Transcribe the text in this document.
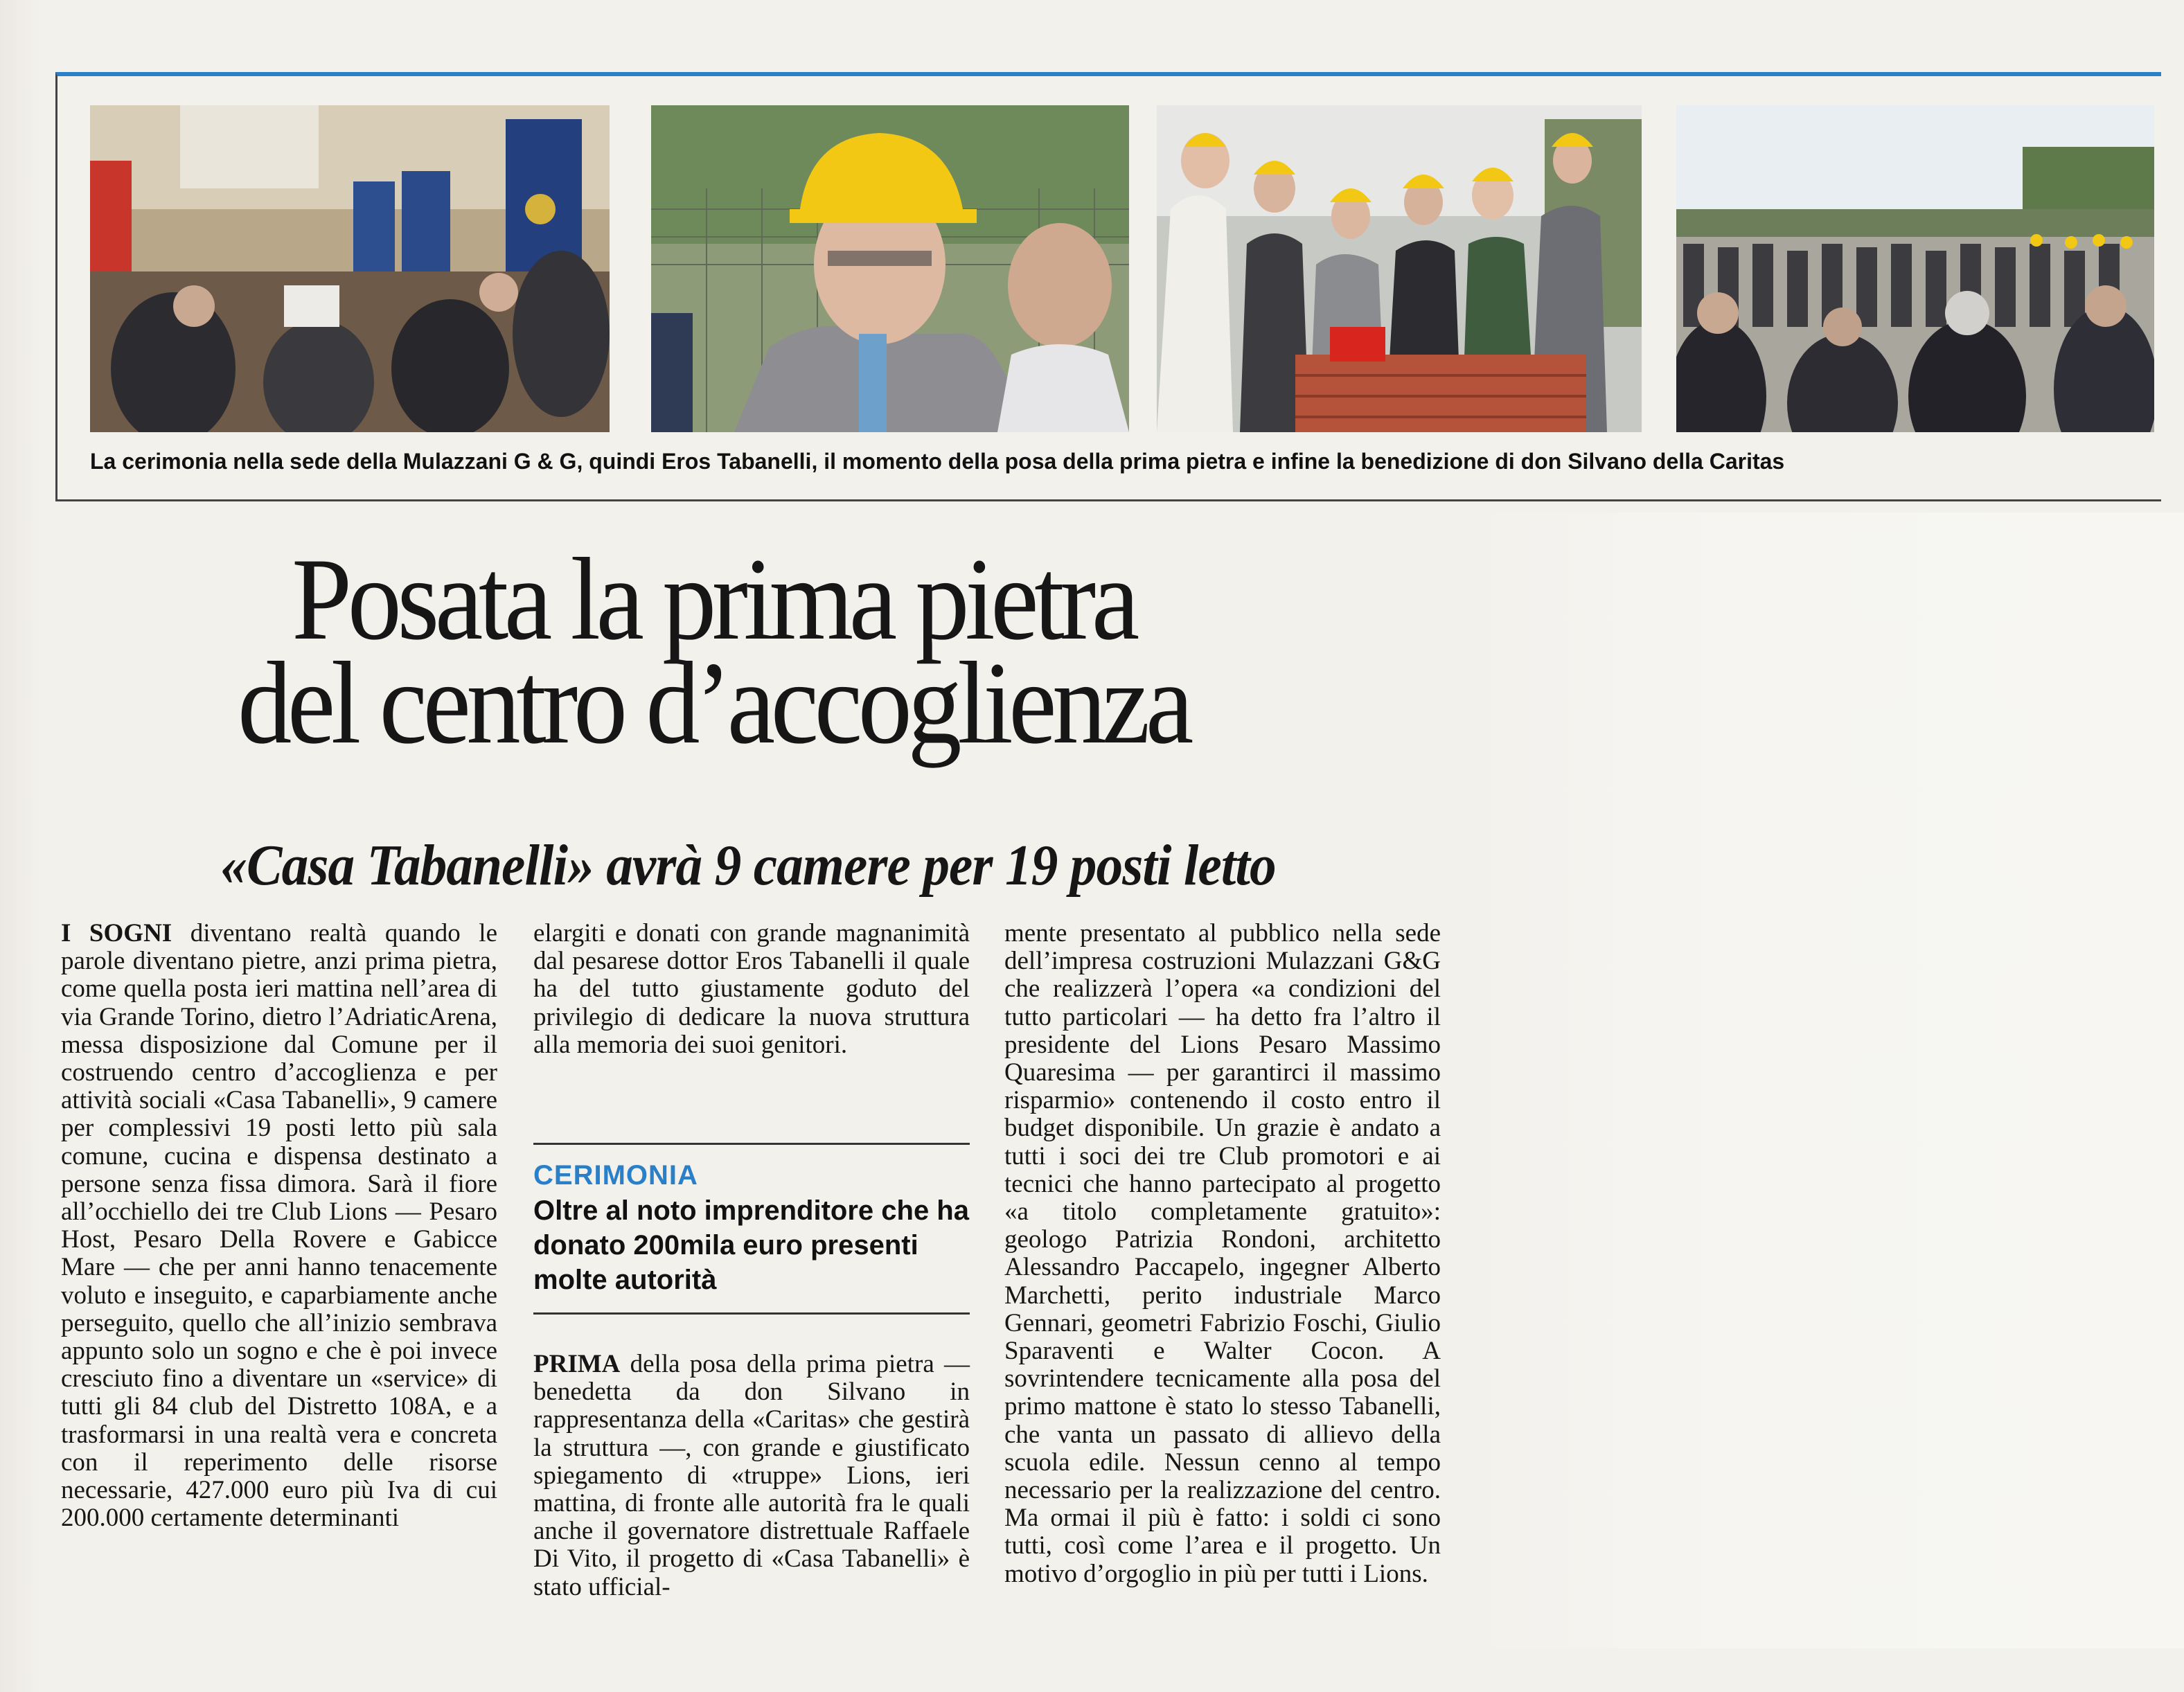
La cerimonia nella sede della Mulazzani G & G, quindi Eros Tabanelli, il momento della posa della prima pietra e infine la benedizione di don Silvano della Caritas
Posata la prima pietra
del centro d’accoglienza
«Casa Tabanelli» avrà 9 camere per 19 posti letto

I SOGNI diventano realtà quando le parole diventano pietre, anzi prima pietra, come quella posta ieri mattina nell’area di via Grande Torino, dietro l’AdriaticArena, messa disposizione dal Comune per il costruendo centro d’accoglienza e per attività sociali «Casa Tabanelli», 9 camere per complessivi 19 posti letto più sala comune, cucina e dispensa destinato a persone senza fissa dimora. Sarà il fiore all’occhiello dei tre Club Lions — Pesaro Host, Pesaro Della Rovere e Gabicce Mare — che per anni hanno tenacemente voluto e inseguito, e caparbiamente anche perseguito, quello che all’inizio sembrava appunto solo un sogno e che è poi invece cresciuto fino a diventare un «service» di tutti gli 84 club del Distretto 108A, e a trasformarsi in una realtà vera e concreta con il reperimento delle risorse necessarie, 427.000 euro più Iva di cui 200.000 certamente determinanti

elargiti e donati con grande magnanimità dal pesarese dottor Eros Tabanelli il quale ha del tutto giustamente goduto del privilegio di dedicare la nuova struttura alla memoria dei suoi genitori.

CERIMONIA
Oltre al noto imprenditore che ha donato 200mila euro presenti molte autorità

PRIMA della posa della prima pietra — benedetta da don Silvano in rappresentanza della «Caritas» che gestirà la struttura —, con grande e giustificato spiegamento di «truppe» Lions, ieri mattina, di fronte alle autorità fra le quali anche il governatore distrettuale Raffaele Di Vito, il progetto di «Casa Tabanelli» è stato ufficial-

mente presentato al pubblico nella sede dell’impresa costruzioni Mulazzani G&G che realizzerà l’opera «a condizioni del tutto particolari — ha detto fra l’altro il presidente del Lions Pesaro Massimo Quaresima — per garantirci il massimo risparmio» contenendo il costo entro il budget disponibile. Un grazie è andato a tutti i soci dei tre Club promotori e ai tecnici che hanno partecipato al progetto «a titolo completamente gratuito»: geologo Patrizia Rondoni, architetto Alessandro Paccapelo, ingegner Alberto Marchetti, perito industriale Marco Gennari, geometri Fabrizio Foschi, Giulio Sparaventi e Walter Cocon. A sovrintendere tecnicamente alla posa del primo mattone è stato lo stesso Tabanelli, che vanta un passato di allievo della scuola edile. Nessun cenno al tempo necessario per la realizzazione del centro. Ma ormai il più è fatto: i soldi ci sono tutti, così come l’area e il progetto. Un motivo d’orgoglio in più per tutti i Lions.
